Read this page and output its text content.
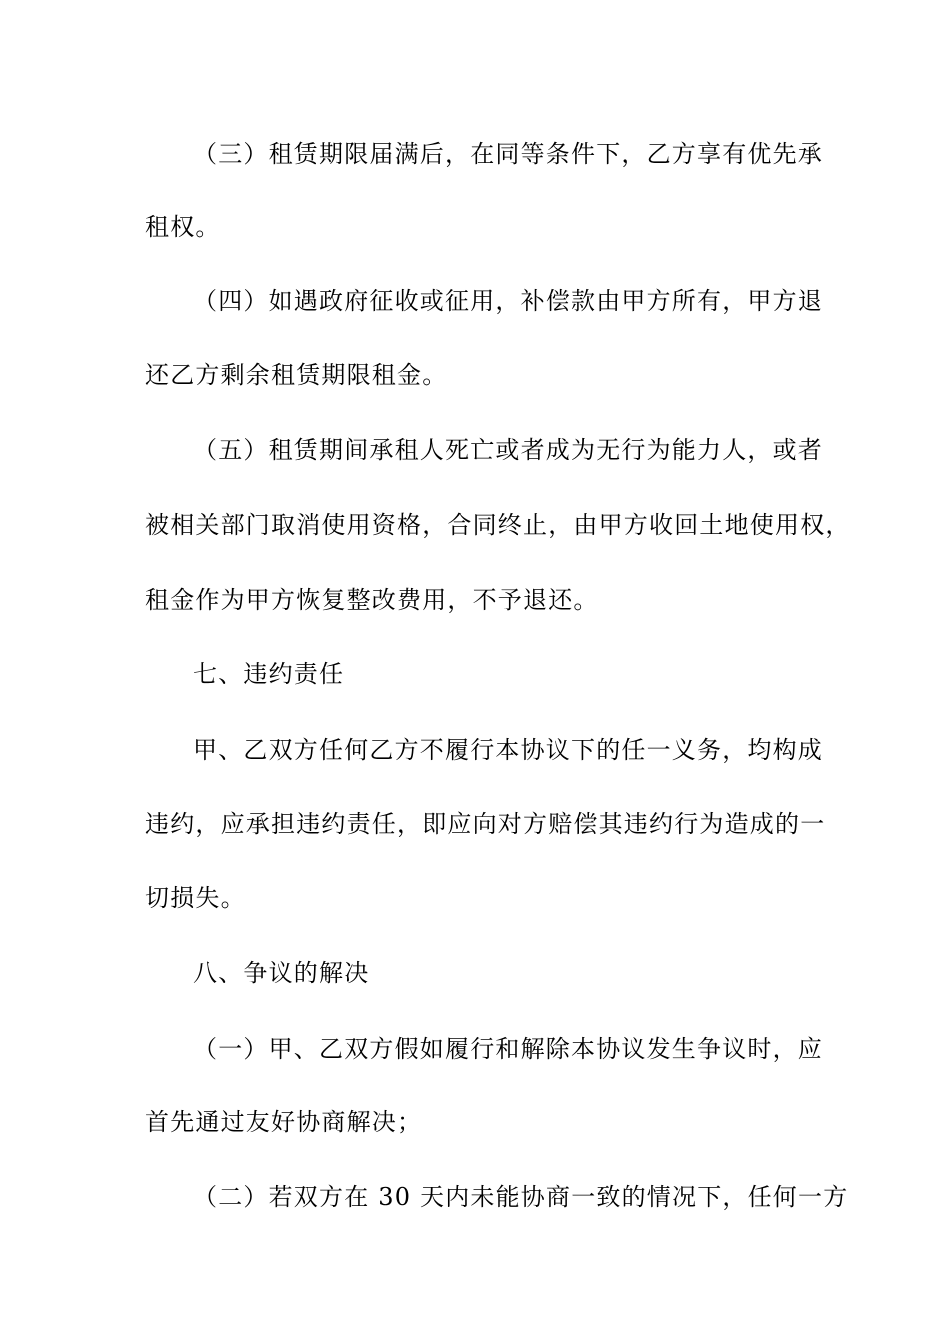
（三）租赁期限届满后，在同等条件下，乙方享有优先承
租权。
（四）如遇政府征收或征用，补偿款由甲方所有，甲方退
还乙方剩余租赁期限租金。
（五）租赁期间承租人死亡或者成为无行为能力人，或者
被相关部门取消使用资格，合同终止，由甲方收回土地使用权，
租金作为甲方恢复整改费用，不予退还。
七、违约责任
甲、乙双方任何乙方不履行本协议下的任一义务，均构成
违约，应承担违约责任，即应向对方赔偿其违约行为造成的一
切损失。
八、争议的解决
（一）甲、乙双方假如履行和解除本协议发生争议时，应
首先通过友好协商解决；
（二）若双方在 30 天内未能协商一致的情况下，任何一方
